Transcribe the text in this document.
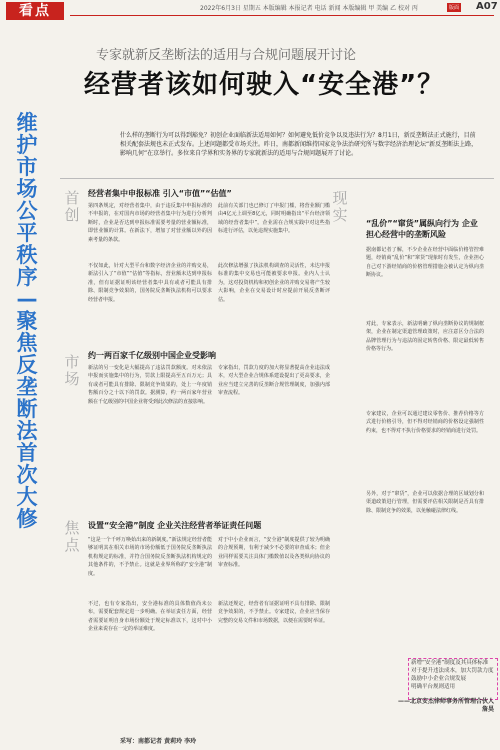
看点	2022年6月3日 星期五 本版编辑 本报记者 电话 新闻 本版编辑 甲 美编 乙 校对 丙	版面 A07
维
护
市
场
公
平
秩
序
—
聚
焦
反
垄
断
法
首
次
大
修
专家就新反垄断法的适用与合规问题展开讨论
经营者该如何驶入“安全港”？
什么样的垄断行为可以得到豁免？初创企业面临新法适用如何？如何避免低价竞争以及违法行为？8月1日，新反垄断法正式施行，目前相关配套法规也未正式发布。上述问题都受市场关注。昨日，南都新闻维持国家竞争法治研究所与数字经济治理论坛“新反垄断法上路，影响几何”在京举行。多位来自学界和实务界的专家就新法的适用与合规问题展开了讨论。
首
创
市
场
焦
点
现
实
经营者集中申报标准 引入“市值”“估值”

第四条规定，对经营者集中，由于违反集中申报标准的不申报的，在对国内市场的经营者集中行为进行分析判断时，企业是否达到申报标准需要考量的营业额标准，即营业额的计算。在新法下，增加了对营业额以外的因素考量的条款。

不仅如此，针对大型平台和数字经济企业的并购交易，新法引入了“市值”“估值”等指标，营业额未达到申报标准，但有证据证明该经营者集中具有或者可能具有排除、限制竞争效果的，国务院反垄断执法机构可以要求经营者申报。

此前有关部门也已修订了申报门槛，将营业额门槛由4亿元上调至8亿元，同时明确指出“平台经济领域的经营者集中”。企业需在合规实践中对这些指标进行评估，以免违规实施集中。

此次修法增强了执法机构调查的灵活性，未达申报标准的集中交易也可能被要求申报。业内人士认为，这对投资机构和初创企业的并购交易将产生较大影响，企业在交易设计时应提前开展反垄断评估。

约一两百家千亿级别中国企业受影响

新法的另一变化是大幅提高了违法罚款额度。对未依法申报而实施集中的行为，罚款上限提高至五百万元；具有或者可能具有排除、限制竞争效果的，处上一年度销售额百分之十以下的罚款。据测算，约一两百家年营业额在千亿级别的中国企业将受到此次修法的直接影响。

专家指出，罚款力度的加大将显著提高企业违法成本，对大型企业合规体系建设提出了更高要求，企业应当建立完善的反垄断合规管理制度，加强内部审查流程。

设置“安全港”制度 企业关注经营者举证责任问题

“这是一个千呼万唤始出来的新制度。”新法规定经营者能够证明其在相关市场的市场份额低于国务院反垄断执法机构规定的标准，并符合国务院反垄断执法机构规定的其他条件的，不予禁止。这就是业界所称的“安全港”制度。

不过，也有专家指出，安全港标准的具体数值尚未公布，需要配套规定进一步明确。在举证责任方面，经营者需要证明自身市场份额处于规定标准以下，这对中小企业来说存在一定的举证难度。

对于中小企业而言，“安全港”制度提供了较为明确的合规预期，有利于减少不必要的审查成本；但企业同样需要关注具体门槛数值以及各类纵向协议的审查标准。

新法还规定，经营者有证据证明不具有排除、限制竞争效果的，不予禁止。专家建议，企业应当保存完整的交易文件和市场数据，以便在需要时举证。

“乱价”“窜货”属纵向行为 企业担心经营中的垄断风险

据南都记者了解，不少企业在经营中面临价格管控难题，经销商“乱价”和“窜货”现象时有发生，企业担心自己对下游经销商的价格管理措施会被认定为纵向垄断协议。

对此，专家表示，新法明确了纵向垄断协议的规制框架，企业在制定渠道管理政策时，应注意区分合法的品牌管理行为与违法的固定转售价格、限定最低转售价格等行为。

专家建议，企业可以通过建议零售价、推荐价格等方式进行价格引导，但不得对经销商的价格设定强制性约束，也不得对不执行价格要求的经销商进行处罚。

另外，对于“窜货”，企业可以依据合理的区域划分和渠道政策进行管理，但需要评估相关限制是否具有排除、限制竞争的效果，以免触碰法律红线。

新增“安全港”制度及其具体标准
对于提升违法成本，加大罚款力度
鼓励中小企业合规发展
明确平台规则适用
——北京安杰律师事务所管理合伙人詹昊
采写：南都记者 黄莉玲 李玲
